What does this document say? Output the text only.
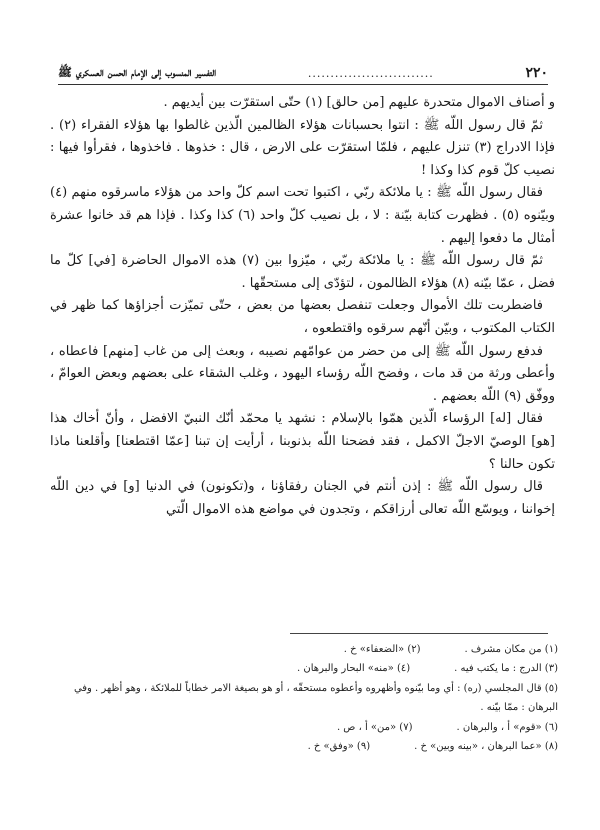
٢٢٠
............................
التفسير المنسوب إلى الإمام الحسن العسكري ﷺ

و أصناف الاموال متحدرة عليهم [من حالق] (١) حتّى استقرّت بين أيديهم .

ثمّ قال رسول اللّه ﷺ : انتوا بحسبانات هؤلاء الظالمين الّذين غالطوا بها هؤلاء الفقراء (٢) . فإذا الادراج (٣) تنزل عليهم ، فلمّا استقرّت على الارض ، قال : خذوها . فاخذوها ، فقرأوا فيها : نصيب كلّ قوم كذا وكذا !

فقال رسول اللّه ﷺ : يا ملائكة ربّي ، اكتبوا تحت اسم كلّ واحد من هؤلاء ماسرقوه منهم (٤) وبيّنوه (٥) . فظهرت كتابة بيّنة : لا ، بل نصيب كلّ واحد (٦) كذا وكذا . فإذا هم قد خانوا عشرة أمثال ما دفعوا إليهم .

ثمّ قال رسول اللّه ﷺ : يا ملائكة ربّي ، ميّزوا بين (٧) هذه الاموال الحاضرة [في] كلّ ما فضل ، عمّا بيّنه (٨) هؤلاء الظالمون ، لتؤدّى إلى مستحقّها .

فاضطربت تلك الأموال وجعلت تنفصل بعضها من بعض ، حتّى تميّزت أجزاؤها كما ظهر في الكتاب المكتوب ، وبيّن أنّهم سرقوه واقتطعوه ،

فدفع رسول اللّه ﷺ إلى من حضر من عوامّهم نصيبه ، وبعث إلى من غاب [منهم] فاعطاه ، وأعطى ورثة من قد مات ، وفضح اللّه رؤساء اليهود ، وغلب الشقاء على بعضهم وبعض العوامّ ، ووفّق (٩) اللّه بعضهم .

فقال [له] الرؤساء الّذين همّوا بالإسلام : نشهد يا محمّد أنّك النبيّ الافضل ، وأنّ أخاك هذا [هو] الوصيّ الاجلّ الاكمل ، فقد فضحنا اللّه بذنوبنا ، أرأيت إن تبنا [عمّا اقتطعنا] وأقلعنا ماذا تكون حالنا ؟

قال رسول اللّه ﷺ : إذن أنتم في الجنان رفقاؤنا ، و(تكونون) في الدنيا [و] في دين اللّه إخواننا ، ويوسّع اللّه تعالى أرزاقكم ، وتجدون في مواضع هذه الاموال الّتي

(١) من مكان مشرف .
(٢) «الضعفاء» خ .
(٣) الدرج : ما يكتب فيه .
(٤) «منه» البحار والبرهان .
(٥) قال المجلسي (ره) : أي وما بيّنوه وأظهروه وأعطوه مستحقّه ، أو هو بصيغة الامر خطاباً للملائكة ، وهو أظهر . وفي البرهان : ممّا بيّنه .
(٦) «قوم» أ ، والبرهان .
(٧) «من» أ ، ص .
(٨) «عما البرهان ، «بينه وبين» خ .
(٩) «وفق» خ .
